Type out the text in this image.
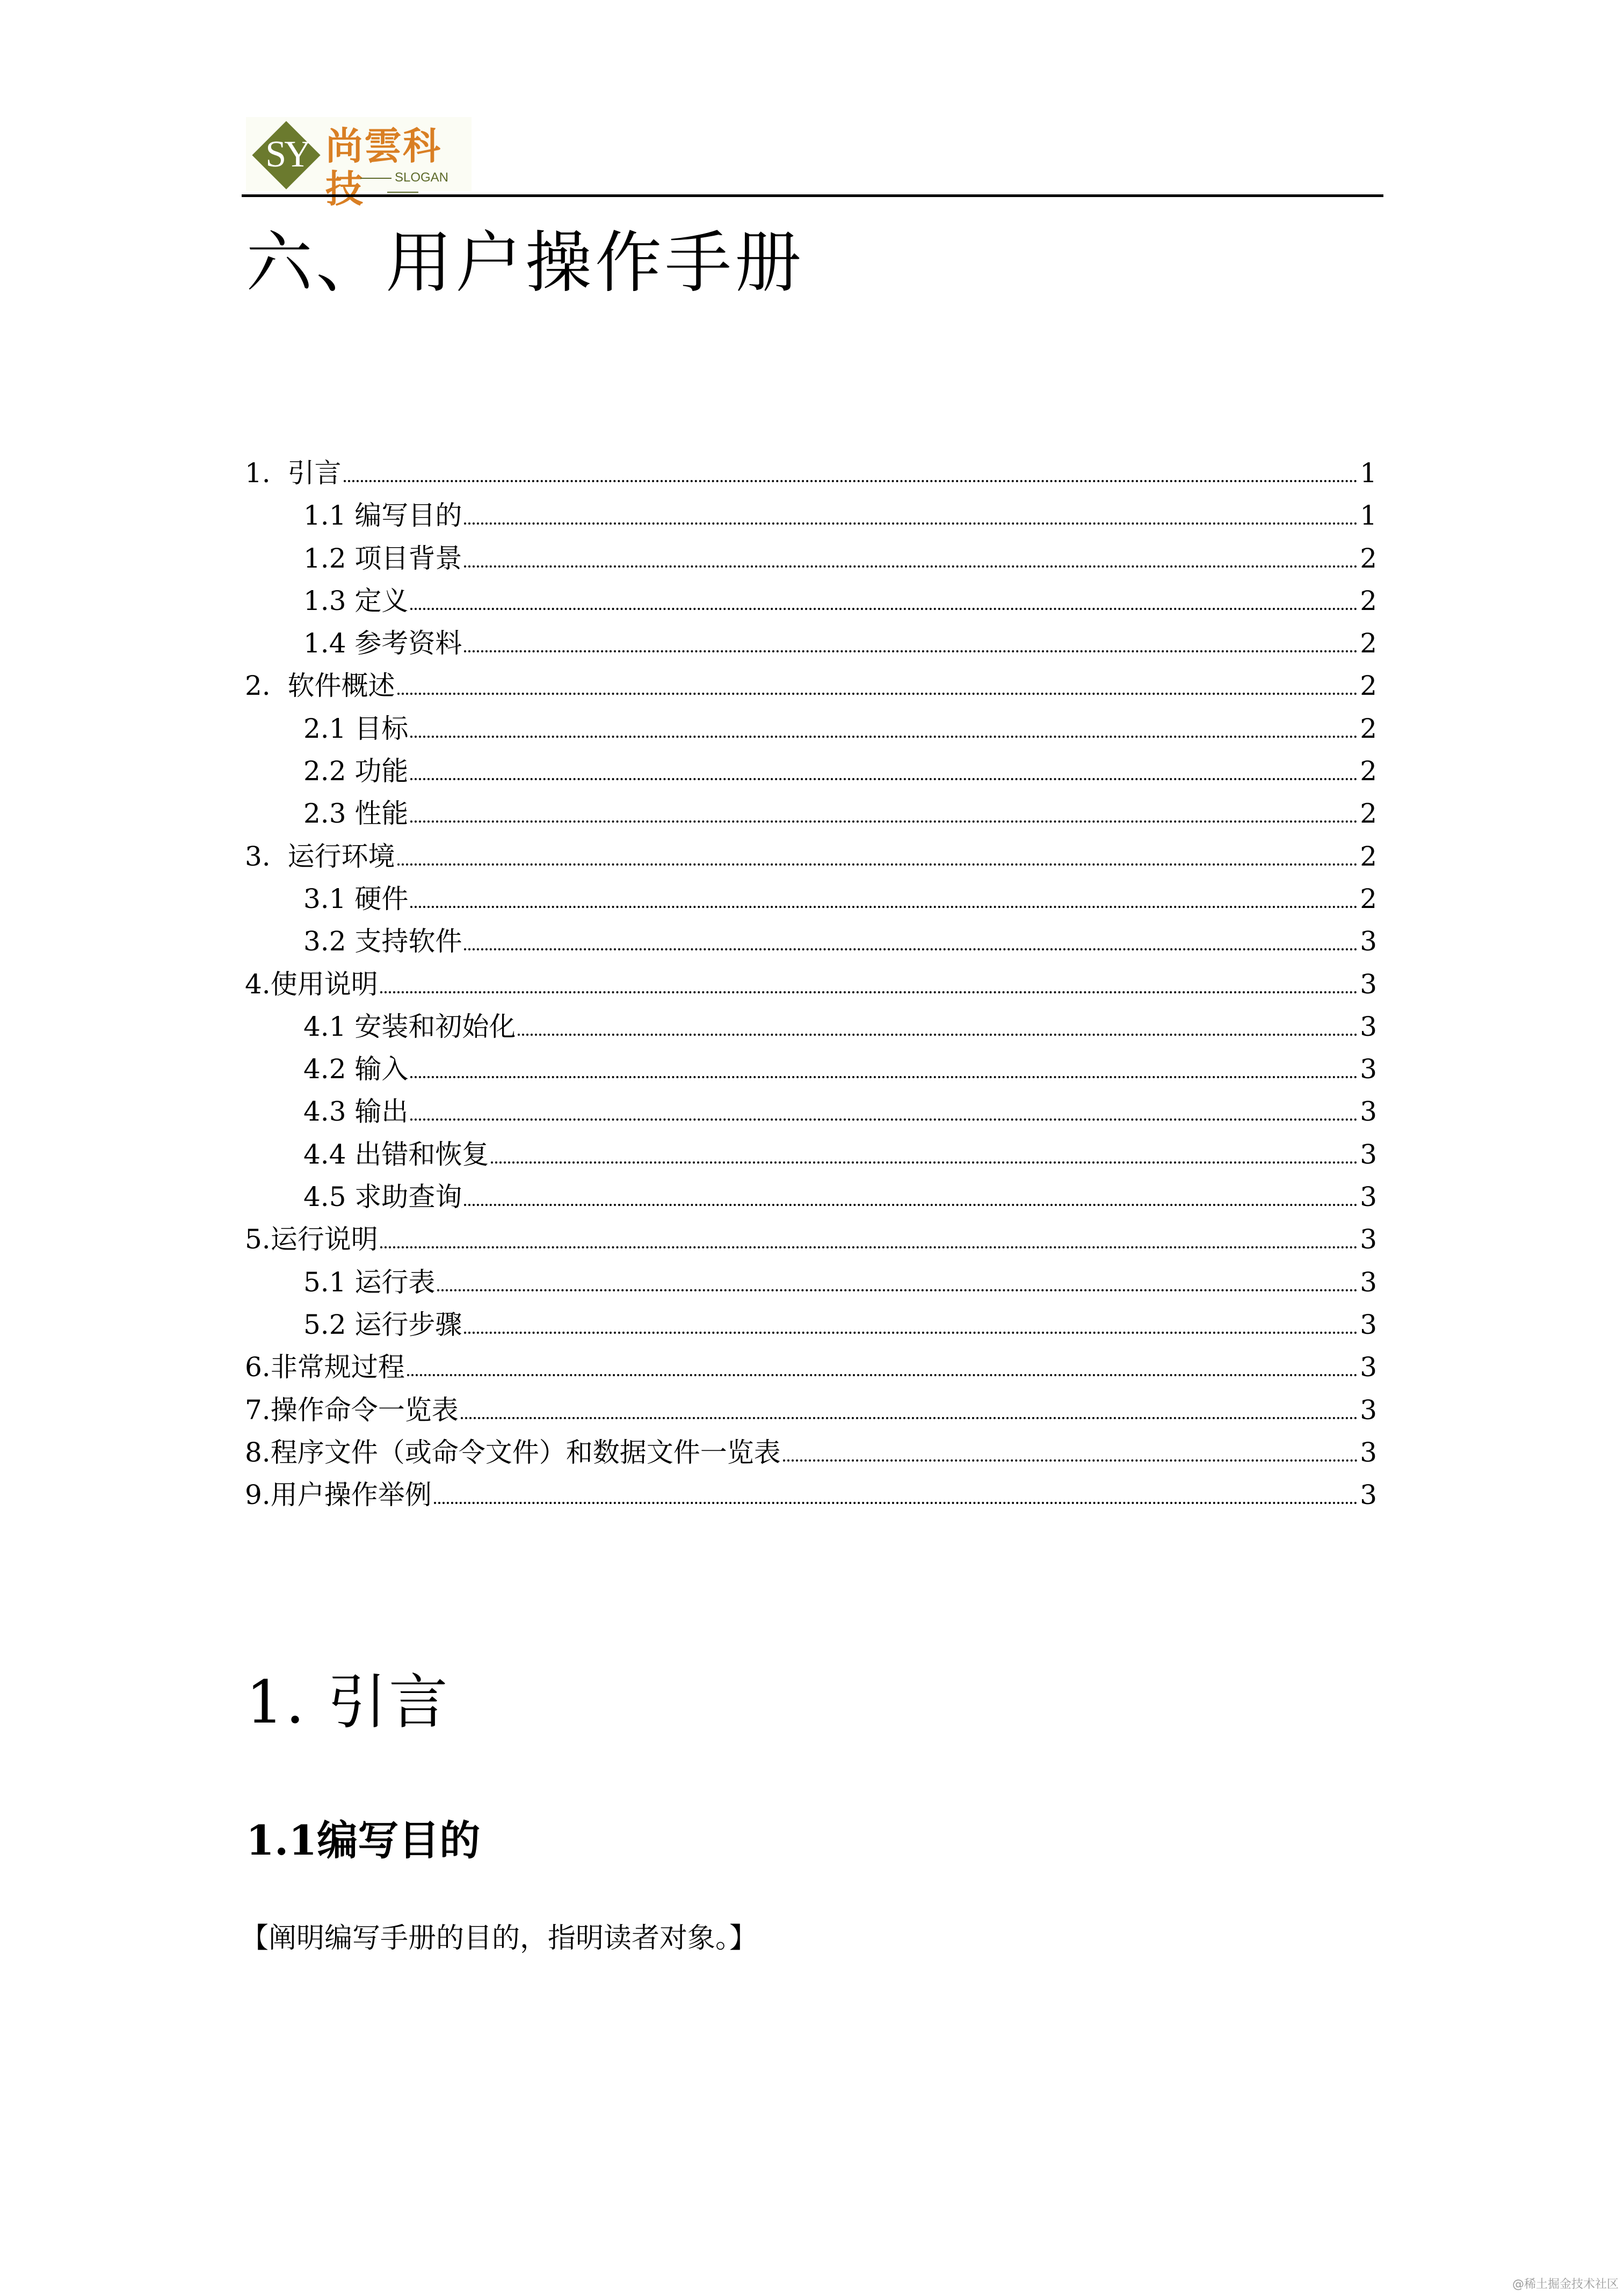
SY 尚雲科技	SLOGAN
六、用户操作手册
1.  引言	1
1.1 编写目的	1
1.2 项目背景	2
1.3 定义	2
1.4 参考资料	2
2.  软件概述	2
2.1 目标	2
2.2 功能	2
2.3 性能	2
3.  运行环境	2
3.1 硬件	2
3.2 支持软件	3
4.使用说明	3
4.1 安装和初始化	3
4.2 输入	3
4.3 输出	3
4.4 出错和恢复	3
4.5 求助查询	3
5.运行说明	3
5.1 运行表	3
5.2 运行步骤	3
6.非常规过程	3
7.操作命令一览表	3
8.程序文件（或命令文件）和数据文件一览表	3
9.用户操作举例	3
1. 引言
1.1编写目的
【阐明编写手册的目的，指明读者对象。】
@稀土掘金技术社区
